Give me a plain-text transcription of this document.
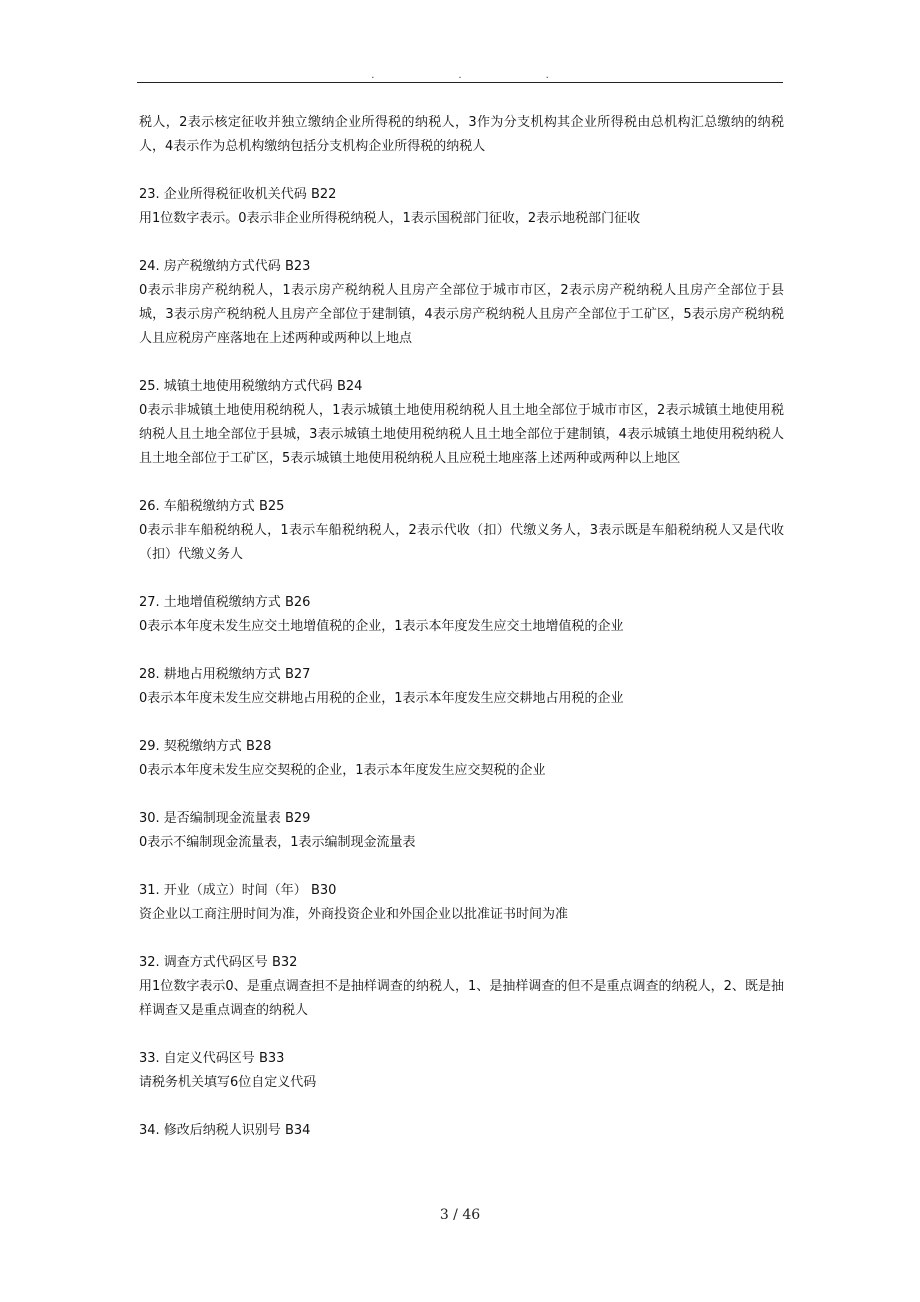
.	.	.

税人，2表示核定征收并独立缴纳企业所得税的纳税人，3作为分支机构其企业所得税由总机构汇总缴纳的纳税人，4表示作为总机构缴纳包括分支机构企业所得税的纳税人

23. 企业所得税征收机关代码 B22

用1位数字表示。0表示非企业所得税纳税人，1表示国税部门征收，2表示地税部门征收

24. 房产税缴纳方式代码 B23

0表示非房产税纳税人，1表示房产税纳税人且房产全部位于城市市区，2表示房产税纳税人且房产全部位于县城，3表示房产税纳税人且房产全部位于建制镇，4表示房产税纳税人且房产全部位于工矿区，5表示房产税纳税人且应税房产座落地在上述两种或两种以上地点

25. 城镇土地使用税缴纳方式代码 B24

0表示非城镇土地使用税纳税人，1表示城镇土地使用税纳税人且土地全部位于城市市区，2表示城镇土地使用税纳税人且土地全部位于县城，3表示城镇土地使用税纳税人且土地全部位于建制镇，4表示城镇土地使用税纳税人且土地全部位于工矿区，5表示城镇土地使用税纳税人且应税土地座落上述两种或两种以上地区

26. 车船税缴纳方式 B25

0表示非车船税纳税人，1表示车船税纳税人，2表示代收（扣）代缴义务人，3表示既是车船税纳税人又是代收（扣）代缴义务人

27. 土地增值税缴纳方式 B26

0表示本年度未发生应交土地增值税的企业，1表示本年度发生应交土地增值税的企业

28. 耕地占用税缴纳方式 B27

0表示本年度未发生应交耕地占用税的企业，1表示本年度发生应交耕地占用税的企业

29. 契税缴纳方式 B28

0表示本年度未发生应交契税的企业，1表示本年度发生应交契税的企业

30. 是否编制现金流量表 B29

0表示不编制现金流量表，1表示编制现金流量表

31. 开业（成立）时间（年） B30

资企业以工商注册时间为准，外商投资企业和外国企业以批准证书时间为准

32. 调查方式代码区号 B32

用1位数字表示0、是重点调查担不是抽样调查的纳税人，1、是抽样调查的但不是重点调查的纳税人，2、既是抽样调查又是重点调查的纳税人

33. 自定义代码区号 B33

请税务机关填写6位自定义代码

34. 修改后纳税人识别号 B34

3 / 46
